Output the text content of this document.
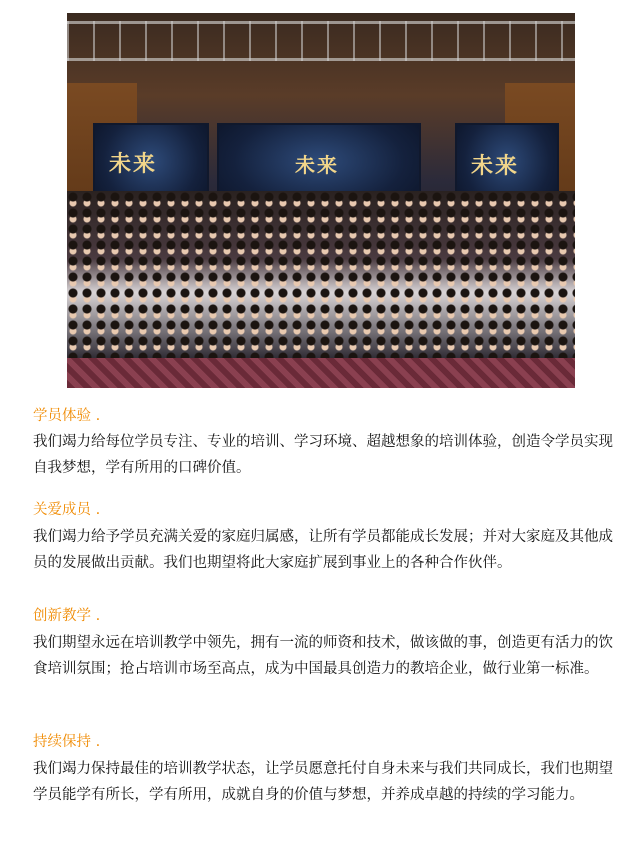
未来	未来	未来
学员体验 .

我们竭力给每位学员专注、专业的培训、学习环境、超越想象的培训体验，创造令学员实现自我梦想，学有所用的口碑价值。

关爱成员 .

我们竭力给予学员充满关爱的家庭归属感，让所有学员都能成长发展；并对大家庭及其他成员的发展做出贡献。我们也期望将此大家庭扩展到事业上的各种合作伙伴。

创新教学 .

我们期望永远在培训教学中领先，拥有一流的师资和技术，做该做的事，创造更有活力的饮食培训氛围；抢占培训市场至高点，成为中国最具创造力的教培企业，做行业第一标准。

持续保持 .

我们竭力保持最佳的培训教学状态，让学员愿意托付自身未来与我们共同成长，我们也期望学员能学有所长，学有所用，成就自身的价值与梦想，并养成卓越的持续的学习能力。
